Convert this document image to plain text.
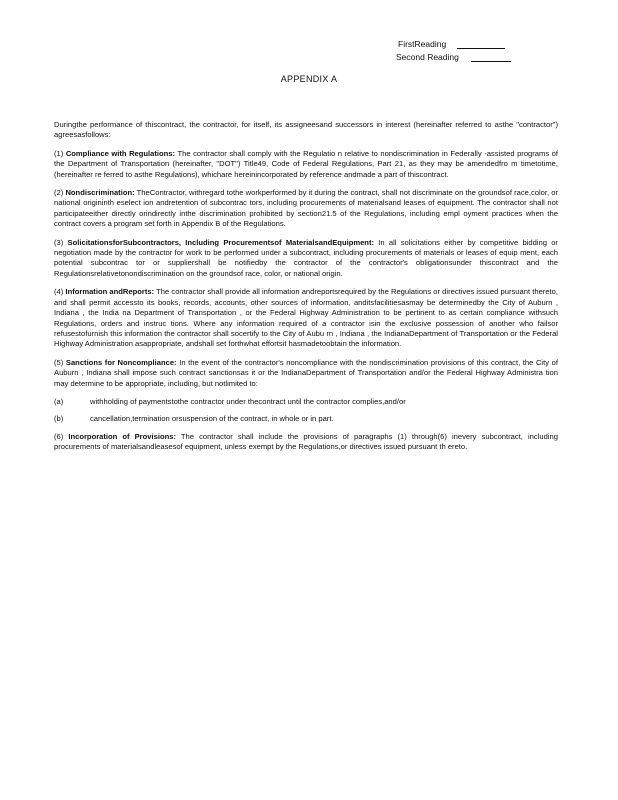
FirstReading
Second Reading
APPENDIX A

Duringthe performance of thiscontract, the contractor, for itself, its assigneesand successors in interest (hereinafter referred to asthe "contractor") agreesasfollows:

(1) Compliance with Regulations: The contractor shall comply with the Regulatio n relative to nondiscrimination in Federally -assisted programs of the Department of Transportation (hereinafter, "DOT") Title49, Code of Federal Regulations, Part 21, as they may be amendedfro m timetotime, (hereinafter re ferred to asthe Regulations), whichare hereinincorporated by reference andmade a part of thiscontract.

(2) Nondiscrimination: TheContractor, withregard tothe workperformed by it during the contract, shall not discriminate on the groundsof race,color, or national origininth eselect ion andretention of subcontrac tors, including procurements of materialsand leases of equipment. The contractor shall not participateeither directly orindirectly inthe discrimination prohibited by section21.5 of the Regulations, including empl oyment practices when the contract covers a program set forth in Appendix B of the Regulations.

(3) SolicitationsforSubcontractors, Including Procurementsof MaterialsandEquipment: In all solicitations either by competitive bidding or negotiation made by the contractor for work to be performed under a subcontract, including procurements of materials or leases of equip ment, each potential subcontrac tor or suppliershall be notifiedby the contractor of the contractor's obligationsunder thiscontract and the Regulationsrelativetonondiscrimination on the groundsof race, color, or national origin.

(4) Information andReports: The contractor shall provide all information andreportsrequired by the Regulations or directives issued pursuant thereto, and shall permit accessto its books, records, accounts, other sources of information, anditsfacilitiesasmay be determinedby the City of Auburn , Indiana , the India na Department of Transportation , or the Federal Highway Administration to be pertinent to as certain compliance withsuch Regulations, orders and instruc tions. Where any information required of a contractor isin the exclusive possession of another who failsor refusestofurnish this information the contractor shall socertify to the City of Aubu rn , Indiana , the IndianaDepartment of Transportation or the Federal Highway Administration asappropriate, andshall set forthwhat effortsit hasmadetoobtain the information.

(5) Sanctions for Noncompliance: In the event of the contractor's noncompliance with the nondiscrimination provisions of this contract, the City of Auburn , Indiana shall impose such contract sanctionsas it or the IndianaDepartment of Transportation and/or the Federal Highway Administra tion may determine to be appropriate, including, but notlimited to:

(a)	withholding of paymentstothe contractor under thecontract until the contractor complies,and/or
(b)	cancellation,termination orsuspension of the contract, in whole or in part.

(6) Incorporation of Provisions: The contractor shall include the provisions of paragraphs (1) through(6) inevery subcontract, including procurements of materialsandleasesof equipment, unless exempt by the Regulations,or directives issued pursuant th ereto.
